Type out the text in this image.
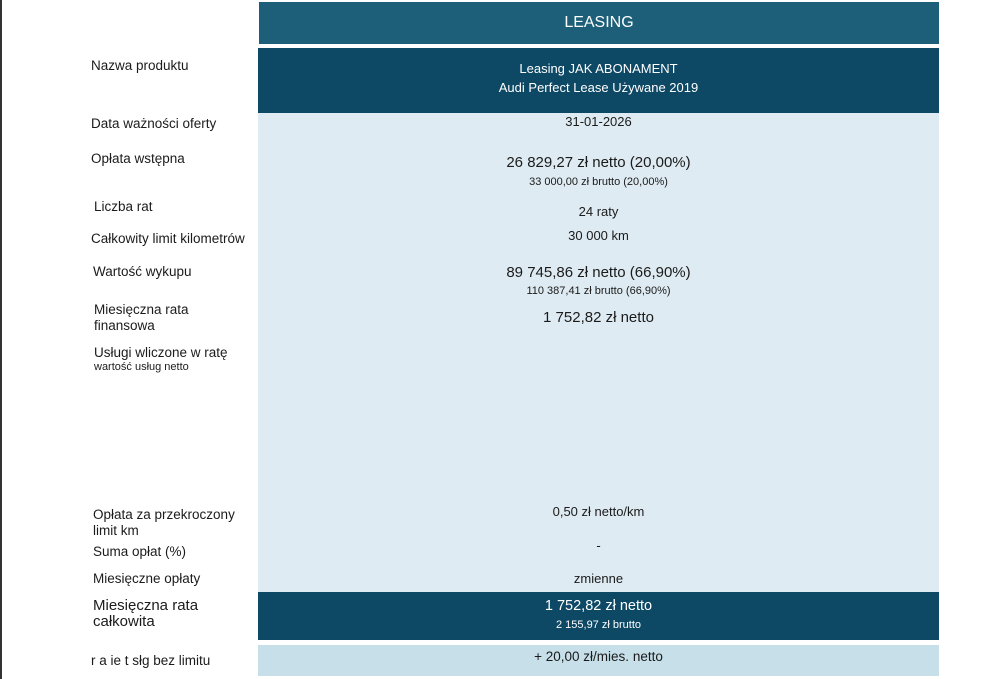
LEASING
Leasing JAK ABONAMENT
Audi Perfect Lease Używane 2019
1 752,82 zł netto
2 155,97 zł brutto
+ 20,00 zł/mies. netto
Nazwa produktu
Data ważności oferty
Opłata wstępna
Liczba rat
Całkowity limit kilometrów
Wartość wykupu
Miesięczna rata
finansowa
Usługi wliczone w ratę
wartość usług netto
Opłata za przekroczony
limit km
Suma opłat (%)
Miesięczne opłaty
Miesięczna rata
całkowita
r a ie t słg bez limitu
31-01-2026
26 829,27 zł netto (20,00%)
33 000,00 zł brutto (20,00%)
24 raty
30 000 km
89 745,86 zł netto (66,90%)
110 387,41 zł brutto (66,90%)
1 752,82 zł netto
0,50 zł netto/km
-
zmienne
